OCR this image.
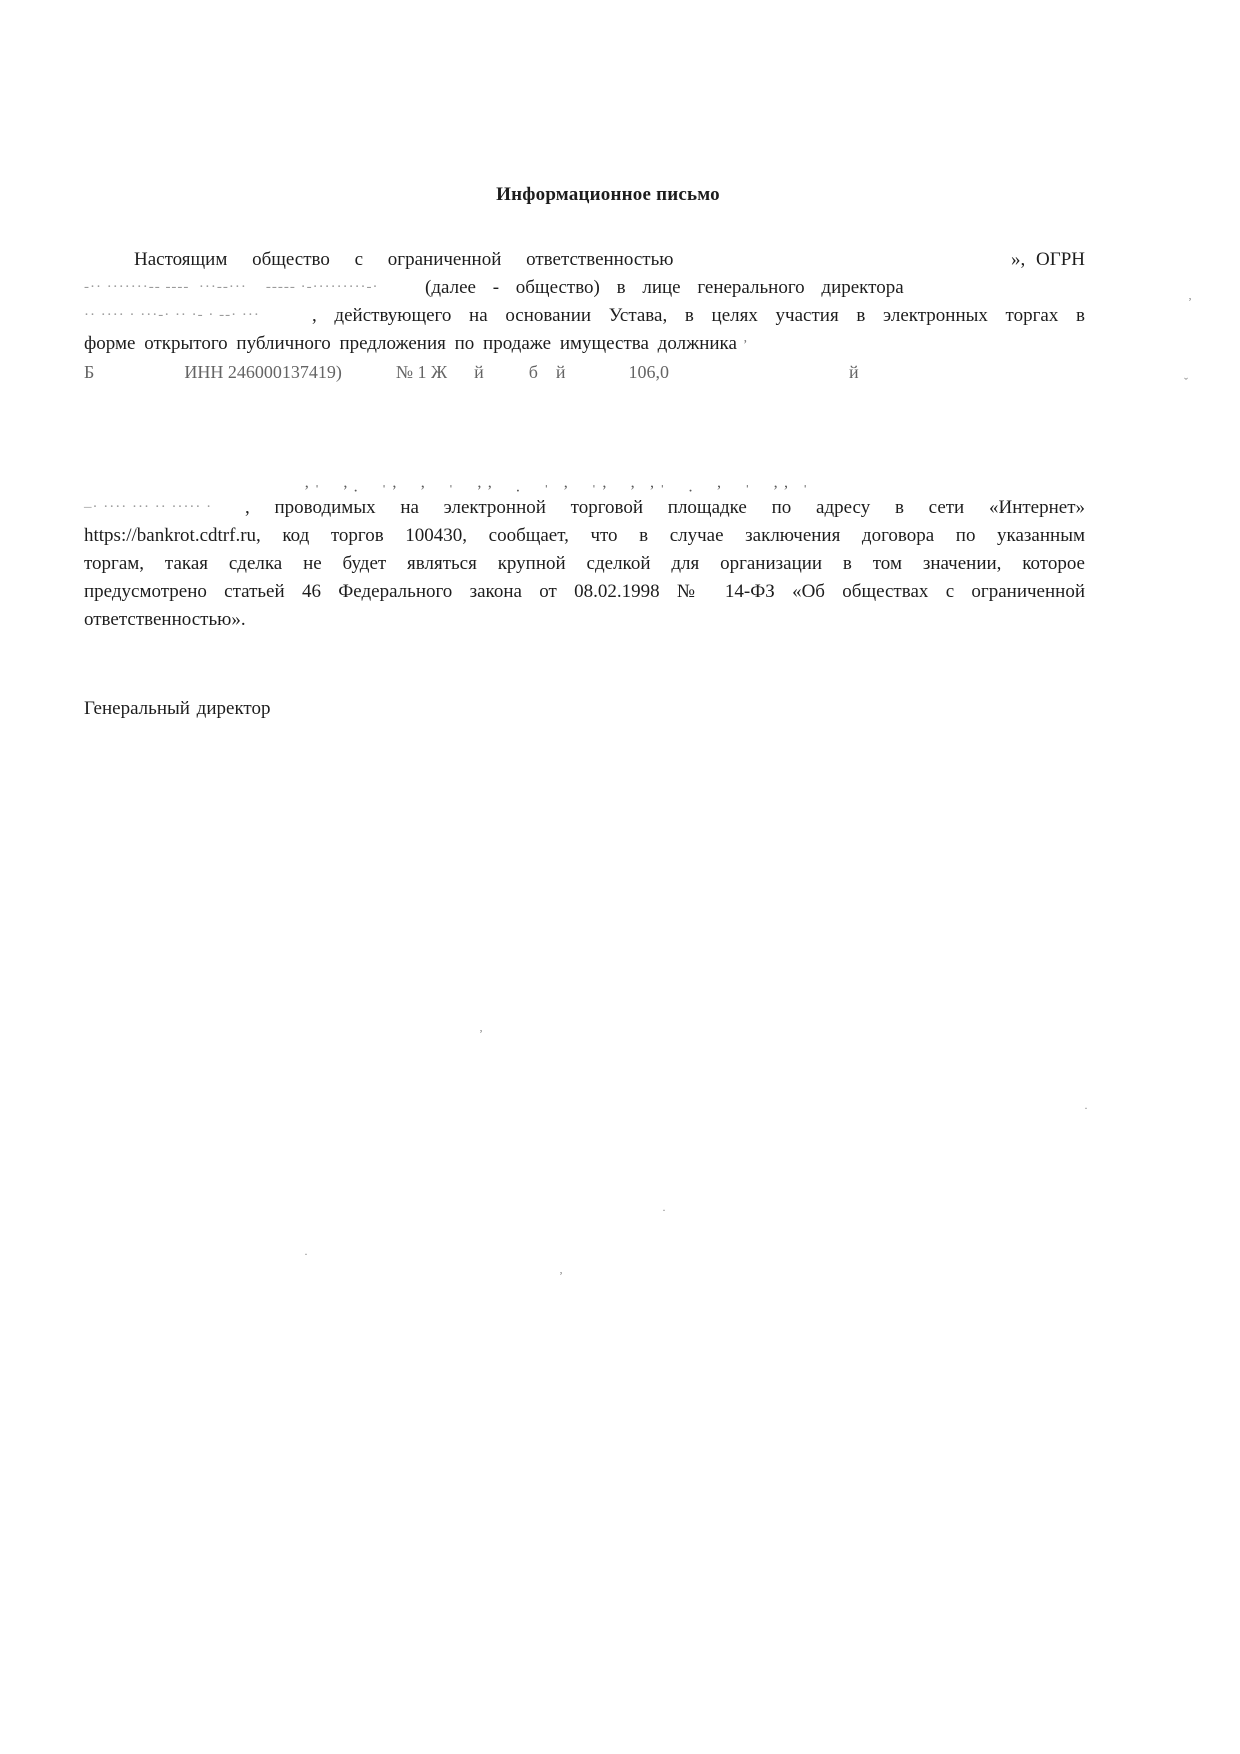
Информационное письмо
Настоящим общество с ограниченной ответственностью	», ОГРН
-·· ·······-- ----  ···--···    ----- ·-·········-·	(далее - общество) в лице генерального директора
·· ···· · ···-· ·· ·- · --· ···	, действующего на основании Устава, в целях участия в электронных торгах в
форме открытого публичного предложения по продаже имущества должника ʼ
Б                    ИНН 246000137419)            № 1 Ж      й          б    й              106,0                                        й
ʼˈ  ʼ·  ˈʼ  ʼ  ˈ  ʼʼ  ·  ˈ ʼ  ˈʼ  ʼ ʼˈ  ·  ʼ  ˈ  ʼʼ ˈ
–· ···· ··· ·· ····· ·	, проводимых на электронной торговой площадке по адресу в сети «Интернет»
https://bankrot.cdtrf.ru, код торгов 100430, сообщает, что в случае заключения договора по указанным
торгам, такая сделка не будет являться крупной сделкой для организации в том значении, которое
предусмотрено статьей 46 Федерального закона от 08.02.1998 № 14-ФЗ «Об обществах с ограниченной
ответственностью».
Генеральный директор
ʼ
ˇ
ʼ
·
·
·
ʼ
